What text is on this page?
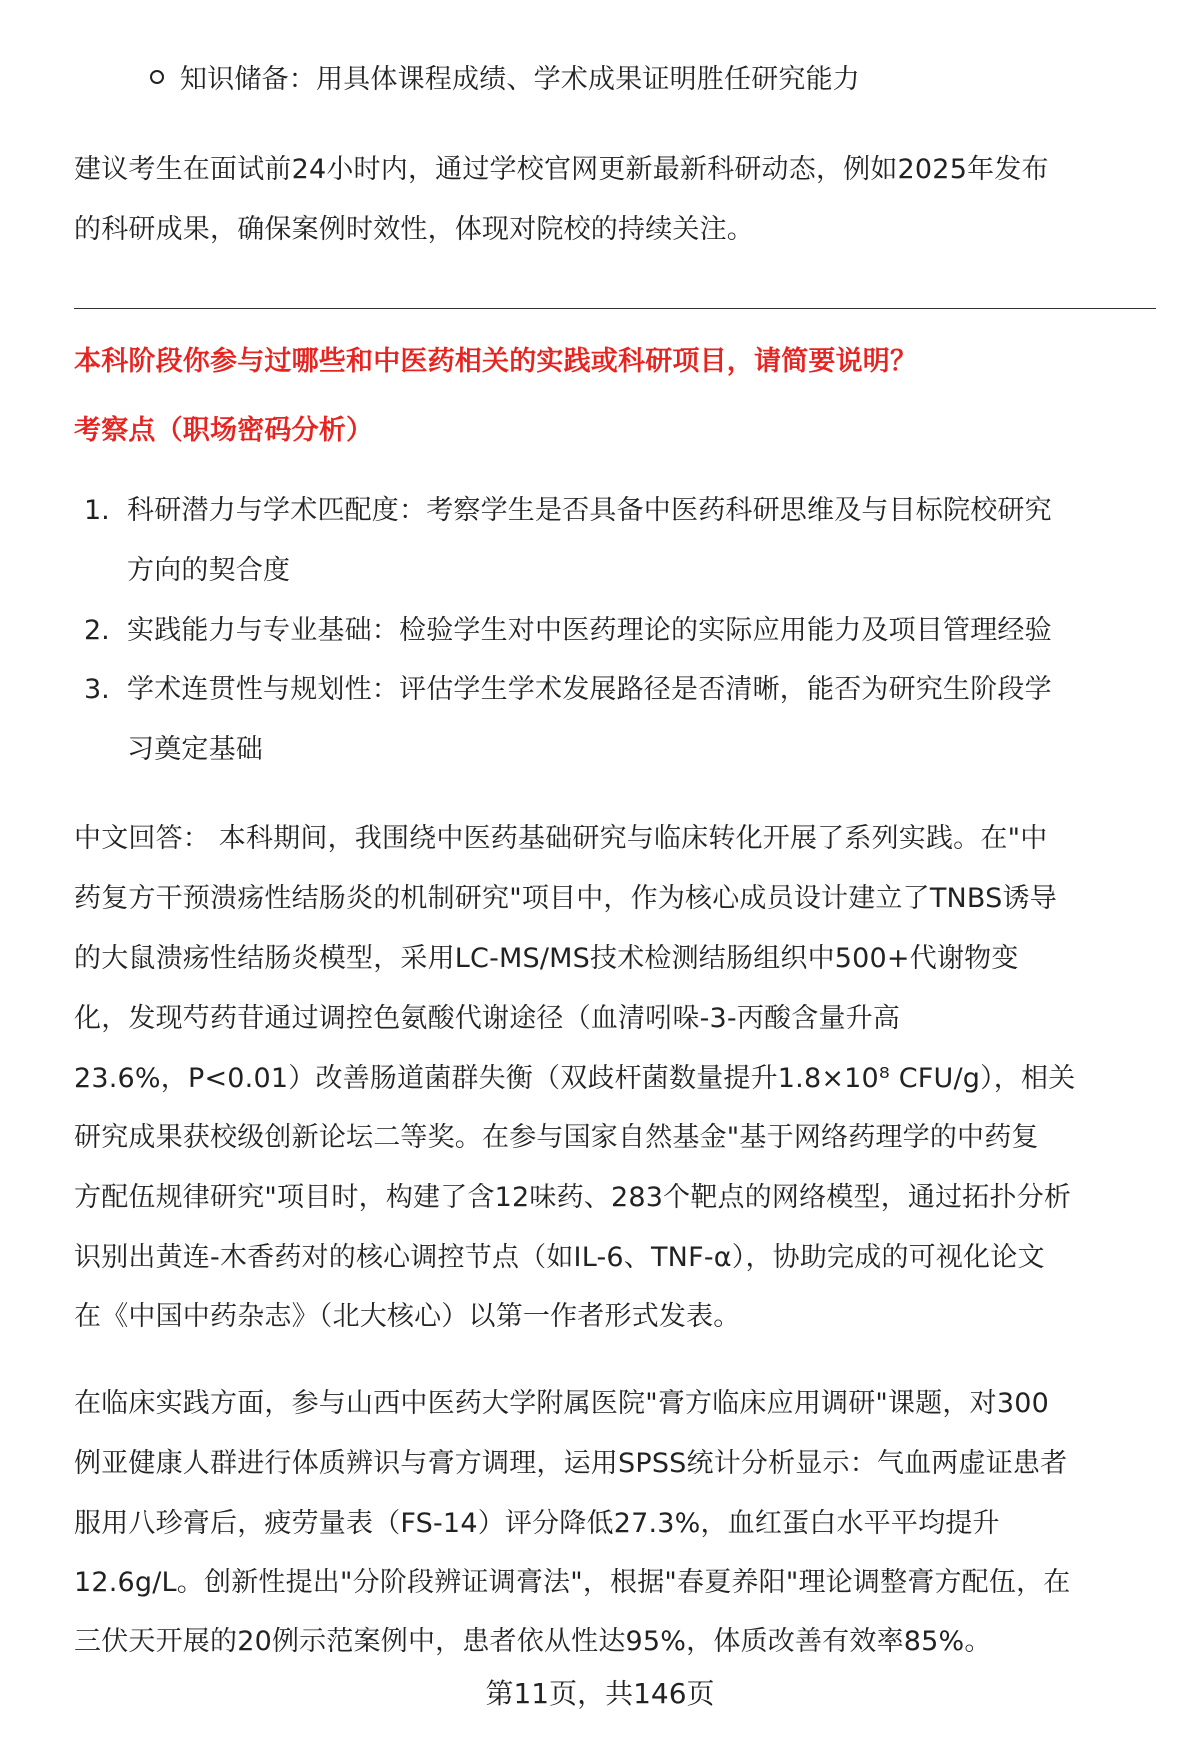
知识储备：用具体课程成绩、学术成果证明胜任研究能力
建议考生在面试前24小时内，通过学校官网更新最新科研动态，例如2025年发布
的科研成果，确保案例时效性，体现对院校的持续关注。
本科阶段你参与过哪些和中医药相关的实践或科研项目，请简要说明？
考察点（职场密码分析）
1. 科研潜力与学术匹配度：考察学生是否具备中医药科研思维及与目标院校研究
方向的契合度
2. 实践能力与专业基础：检验学生对中医药理论的实际应用能力及项目管理经验
3. 学术连贯性与规划性：评估学生学术发展路径是否清晰，能否为研究生阶段学
习奠定基础
中文回答： 本科期间，我围绕中医药基础研究与临床转化开展了系列实践。在"中
药复方干预溃疡性结肠炎的机制研究"项目中，作为核心成员设计建立了TNBS诱导
的大鼠溃疡性结肠炎模型，采用LC-MS/MS技术检测结肠组织中500+代谢物变
化，发现芍药苷通过调控色氨酸代谢途径（血清吲哚-3-丙酸含量升高
23.6%，P<0.01）改善肠道菌群失衡（双歧杆菌数量提升1.8×10⁸ CFU/g），相关
研究成果获校级创新论坛二等奖。在参与国家自然基金"基于网络药理学的中药复
方配伍规律研究"项目时，构建了含12味药、283个靶点的网络模型，通过拓扑分析
识别出黄连-木香药对的核心调控节点（如IL-6、TNF-α），协助完成的可视化论文
在《中国中药杂志》（北大核心）以第一作者形式发表。
在临床实践方面，参与山西中医药大学附属医院"膏方临床应用调研"课题，对300
例亚健康人群进行体质辨识与膏方调理，运用SPSS统计分析显示：气血两虚证患者
服用八珍膏后，疲劳量表（FS-14）评分降低27.3%，血红蛋白水平平均提升
12.6g/L。创新性提出"分阶段辨证调膏法"，根据"春夏养阳"理论调整膏方配伍，在
三伏天开展的20例示范案例中，患者依从性达95%，体质改善有效率85%。
第11页，共146页
